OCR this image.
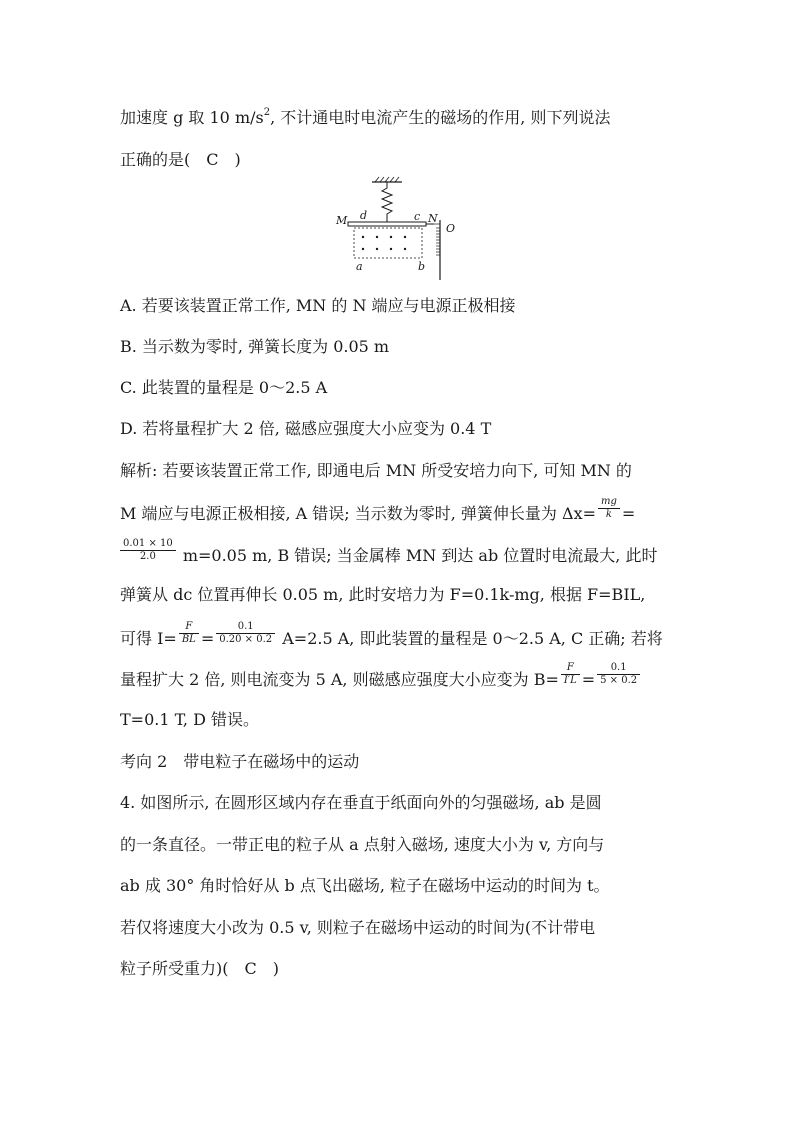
加速度 g 取 10 $m/s^2$, 不计通电时电流产生的磁场的作用, 则下列说法
正确的是( C )
M d	c N
O
a	b
A. 若要该装置正常工作, MN 的 N 端应与电源正极相接
B. 当示数为零时, 弹簧长度为 0.05 m
C. 此装置的量程是 0～2.5 A
D. 若将量程扩大 2 倍, 磁感应强度大小应变为 0.4 T
解析: 若要该装置正常工作, 即通电后 MN 所受安培力向下, 可知 MN 的
M 端应与电源正极相接, A 错误; 当示数为零时, 弹簧伸长量为 $\Delta x= \frac{mg}{k}$ =
$\frac{0.01 \times 10}{2.0} m=0.05$ m, B 错误; 当金属棒 MN 到达 ab 位置时电流最大, 此时
弹簧从 dc 位置再伸长 0.05 m, 此时安培力为 F=0.1k-mg, 根据 F=BIL,
可得 $I= \frac{F}{BL} = \frac{0.1}{0.20 \times 0.2} A=2.5$ A, 即此装置的量程是 0～2.5 A, C 正确; 若将
量程扩大 2 倍, 则电流变为 5 A, 则磁感应强度大小应变为 $B= \frac{F}{I'L} = \frac{0.1}{5 \times 0.2}$
T=0.1 T, D 错误。
考向 2 带电粒子在磁场中的运动
4. 如图所示, 在圆形区域内存在垂直于纸面向外的匀强磁场, ab 是圆
的一条直径。一带正电的粒子从 a 点射入磁场, 速度大小为 v, 方向与
ab 成 30° 角时恰好从 b 点飞出磁场, 粒子在磁场中运动的时间为 t。
若仅将速度大小改为 0.5 v, 则粒子在磁场中运动的时间为(不计带电
粒子所受重力)( C )
